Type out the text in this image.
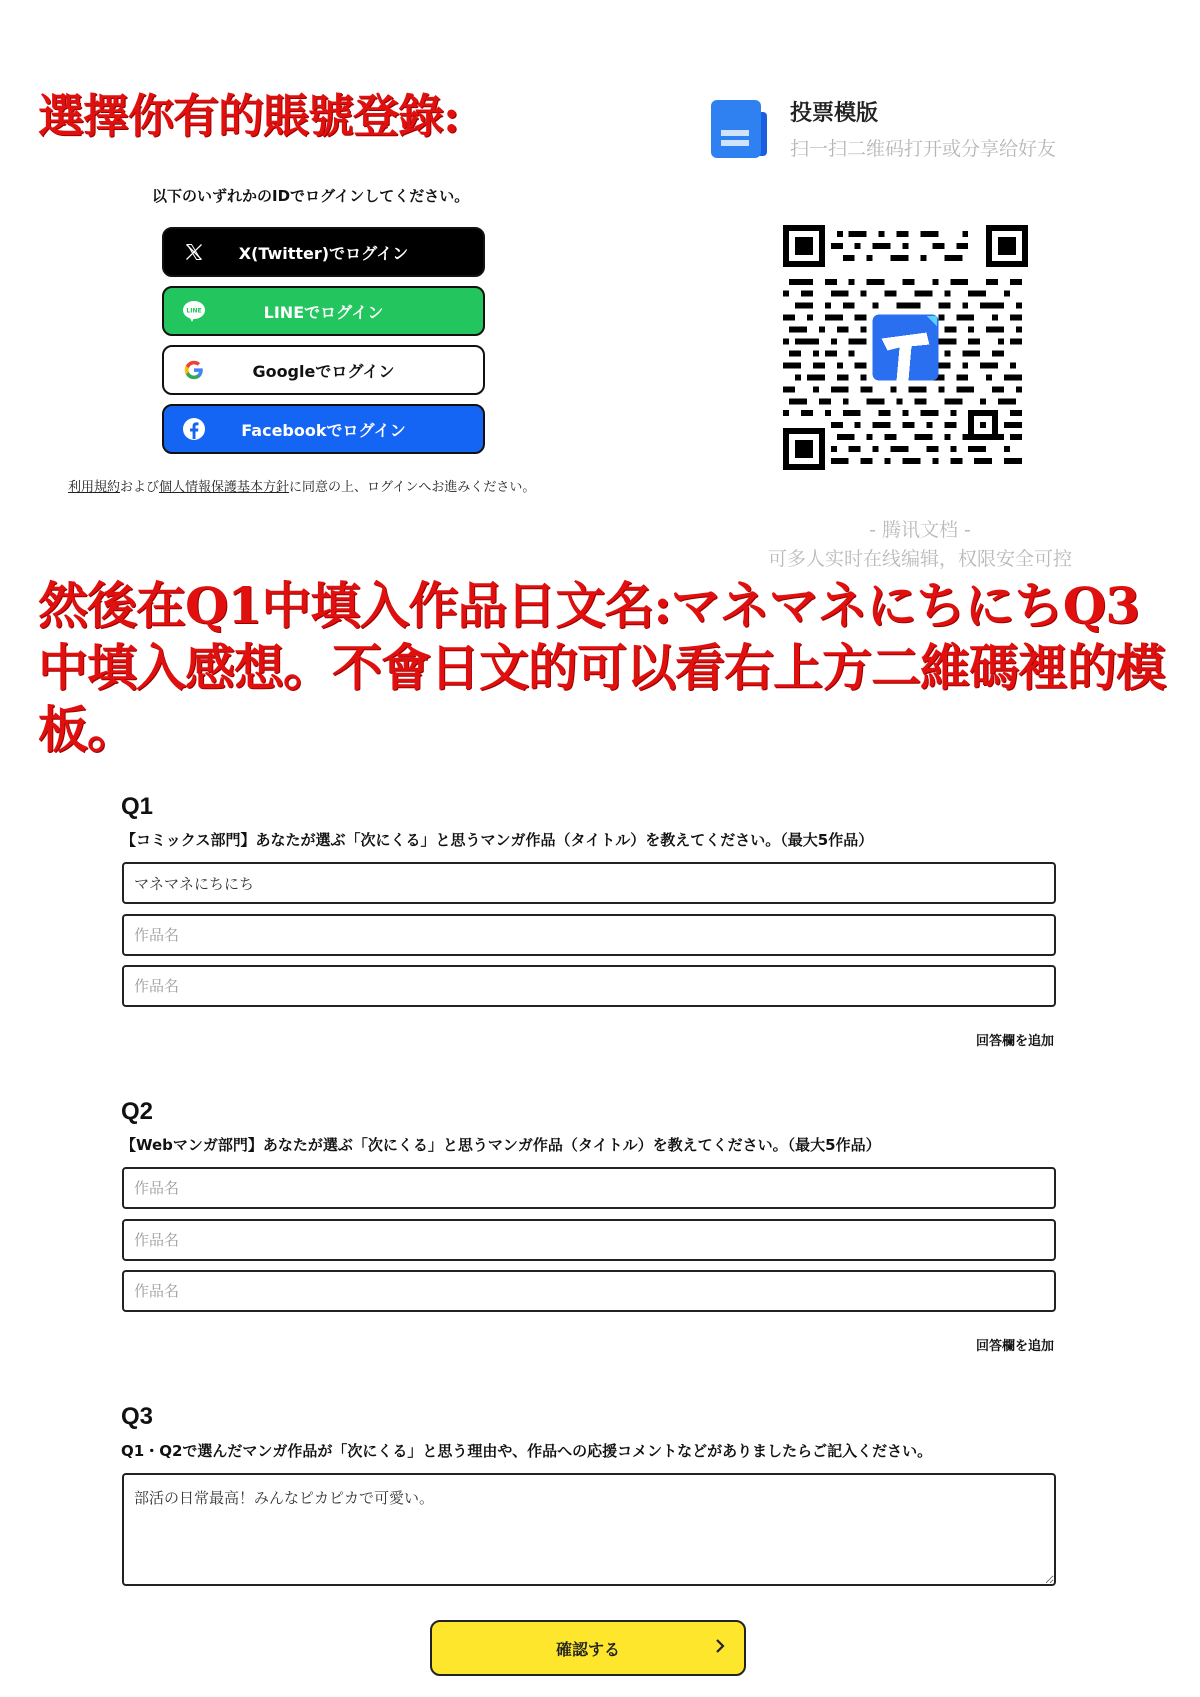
選擇你有的賬號登錄:
以下のいずれかのIDでログインしてください。
X(Twitter)でログイン
LINE	LINEでログイン
Googleでログイン
Facebookでログイン
利用規約および個人情報保護基本方針に同意の上、ログインへお進みください。
投票模版
扫一扫二维码打开或分享给好友
- 腾讯文档 -
可多人实时在线编辑，权限安全可控
然後在Q1中填入作品日文名:マネマネにちにちQ3中填入感想。不會日文的可以看右上方二維碼裡的模板。
Q1
【コミックス部門】あなたが選ぶ「次にくる」と思うマンガ作品（タイトル）を教えてください。（最大5作品）
マネマネにちにち
作品名
作品名
回答欄を追加
Q2
【Webマンガ部門】あなたが選ぶ「次にくる」と思うマンガ作品（タイトル）を教えてください。（最大5作品）
作品名
作品名
作品名
回答欄を追加
Q3
Q1・Q2で選んだマンガ作品が「次にくる」と思う理由や、作品への応援コメントなどがありましたらご記入ください。
部活の日常最高！みんなピカピカで可愛い。
確認する
